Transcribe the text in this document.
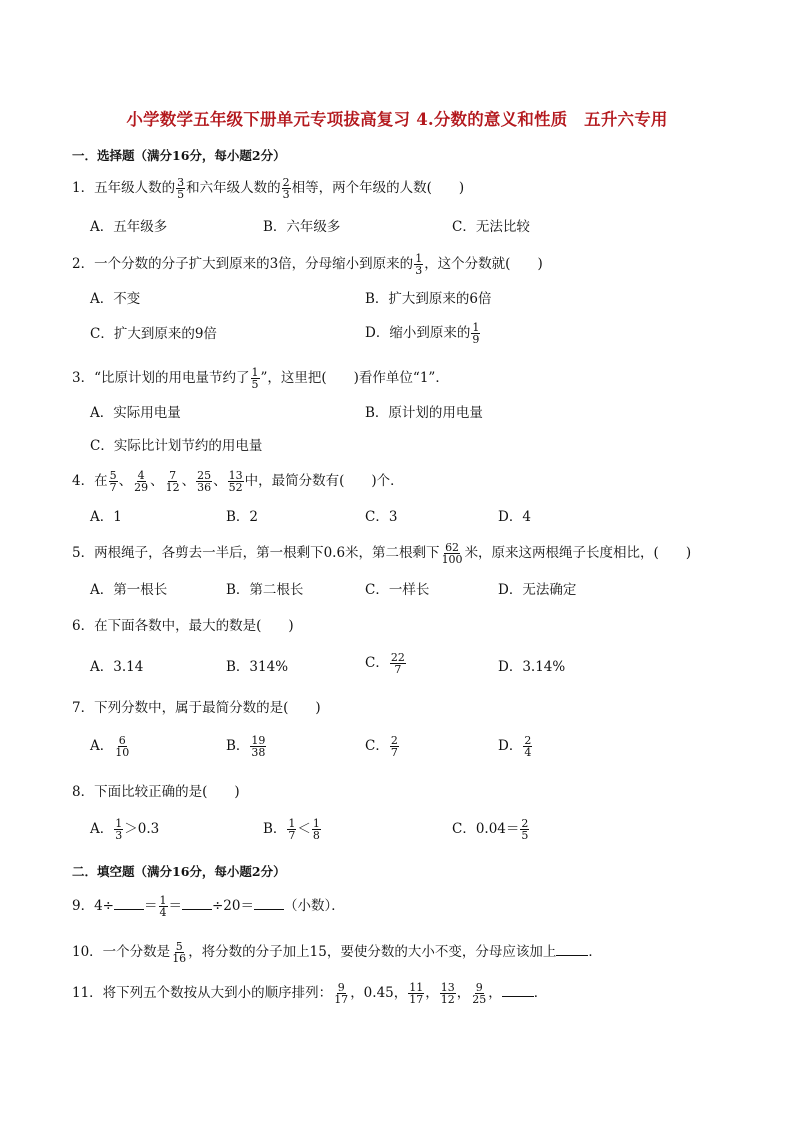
小学数学五年级下册单元专项拔高复习 4.分数的意义和性质　五升六专用
一．选择题（满分16分，每小题2分）
1．五年级人数的 $\frac{3}{5}$ 和六年级人数的 $\frac{2}{3}$ 相等，两个年级的人数(　　)
A．五年级多	B．六年级多	C．无法比较
2．一个分数的分子扩大到原来的3倍，分母缩小到原来的 $\frac{1}{3}$ ，这个分数就(　　)
A．不变	B．扩大到原来的6倍
C．扩大到原来的9倍	D．缩小到原来的 $\frac{1}{9}$
3．“比原计划的用电量节约了 $\frac{1}{5}$ ”，这里把(　　)看作单位“1”．
A．实际用电量	B．原计划的用电量
C．实际比计划节约的用电量
4．在 $\frac{5}{7}$ 、 $\frac{4}{29}$ 、 $\frac{7}{12}$ 、 $\frac{25}{36}$ 、 $\frac{13}{52}$ 中，最简分数有(　　)个．
A．1	B．2	C．3	D．4
5．两根绳子，各剪去一半后，第一根剩下0.6米，第二根剩下 $\frac{62}{100}$ 米，原来这两根绳子长度相比，(　　)
A．第一根长	B．第二根长	C．一样长	D．无法确定
6．在下面各数中，最大的数是(　　)
A．3.14	B．314%	C． $\frac{22}{7}$	D．3.14%
7．下列分数中，属于最简分数的是(　　)
A． $\frac{6}{10}$	B． $\frac{19}{38}$	C． $\frac{2}{7}$	D． $\frac{2}{4}$
8．下面比较正确的是(　　)
A． $\frac{1}{3} >0.3$	B． $\frac{1}{7} < \frac{1}{8}$	C．$0.04= \frac{2}{5}$
二．填空题（满分16分，每小题2分）
9．$4\div = \frac{1}{4} = \div 20=$ （小数）．
10．一个分数是 $\frac{5}{16}$ ，将分数的分子加上15，要使分数的大小不变，分母应该加上 ．
11．将下列五个数按从大到小的顺序排列： $\frac{9}{17}$ ，0.45， $\frac{11}{17}$ ， $\frac{13}{12}$ ， $\frac{9}{25}$ ， ．
